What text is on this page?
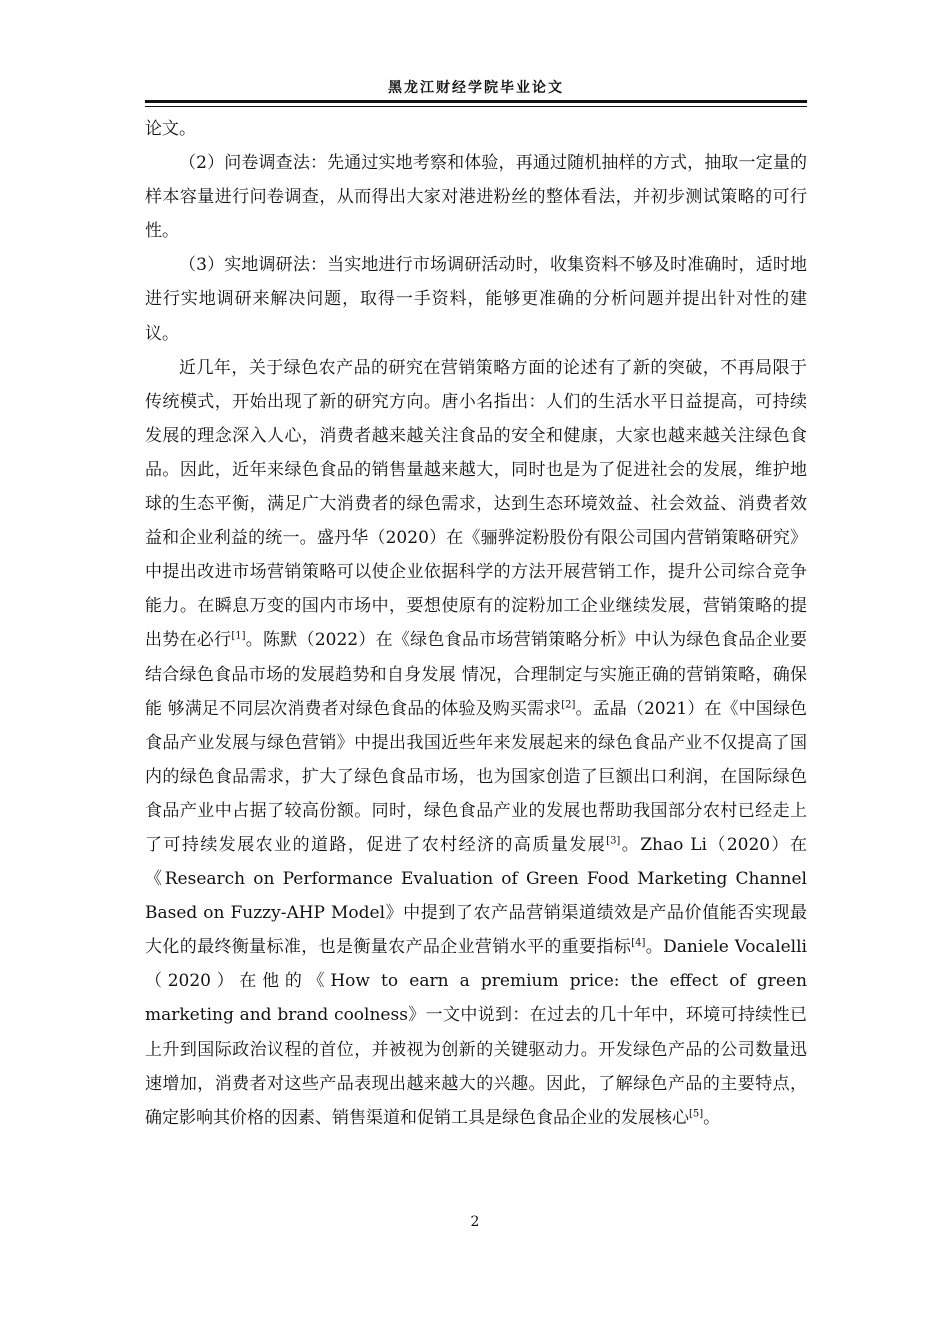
黑龙江财经学院毕业论文

论文。

（2）问卷调查法：先通过实地考察和体验，再通过随机抽样的方式，抽取一定量的样本容量进行问卷调查，从而得出大家对港进粉丝的整体看法，并初步测试策略的可行性。

（3）实地调研法：当实地进行市场调研活动时，收集资料不够及时准确时，适时地进行实地调研来解决问题，取得一手资料，能够更准确的分析问题并提出针对性的建议。

近几年，关于绿色农产品的研究在营销策略方面的论述有了新的突破，不再局限于传统模式，开始出现了新的研究方向。唐小名指出：人们的生活水平日益提高，可持续发展的理念深入人心，消费者越来越关注食品的安全和健康，大家也越来越关注绿色食品。因此，近年来绿色食品的销售量越来越大，同时也是为了促进社会的发展，维护地球的生态平衡，满足广大消费者的绿色需求，达到生态环境效益、社会效益、消费者效益和企业利益的统一。盛丹华（2020）在《骊骅淀粉股份有限公司国内营销策略研究》中提出改进市场营销策略可以使企业依据科学的方法开展营销工作，提升公司综合竞争能力。在瞬息万变的国内市场中，要想使原有的淀粉加工企业继续发展，营销策略的提出势在必行[1]。陈默（2022）在《绿色食品市场营销策略分析》中认为绿色食品企业要结合绿色食品市场的发展趋势和自身发展 情况，合理制定与实施正确的营销策略，确保能 够满足不同层次消费者对绿色食品的体验及购买需求[2]。孟晶（2021）在《中国绿色食品产业发展与绿色营销》中提出我国近些年来发展起来的绿色食品产业不仅提高了国内的绿色食品需求，扩大了绿色食品市场，也为国家创造了巨额出口利润，在国际绿色食品产业中占据了较高份额。同时，绿色食品产业的发展也帮助我国部分农村已经走上了可持续发展农业的道路，促进了农村经济的高质量发展[3]。Zhao Li（2020）在《Research on Performance Evaluation of Green Food Marketing Channel Based on Fuzzy-AHP Model》中提到了农产品营销渠道绩效是产品价值能否实现最大化的最终衡量标准，也是衡量农产品企业营销水平的重要指标[4]。Daniele Vocalelli （2020）在他的《How to earn a premium price: the effect of green marketing and brand coolness》一文中说到：在过去的几十年中，环境可持续性已上升到国际政治议程的首位，并被视为创新的关键驱动力。开发绿色产品的公司数量迅速增加，消费者对这些产品表现出越来越大的兴趣。因此，了解绿色产品的主要特点，确定影响其价格的因素、销售渠道和促销工具是绿色食品企业的发展核心[5]。

2
